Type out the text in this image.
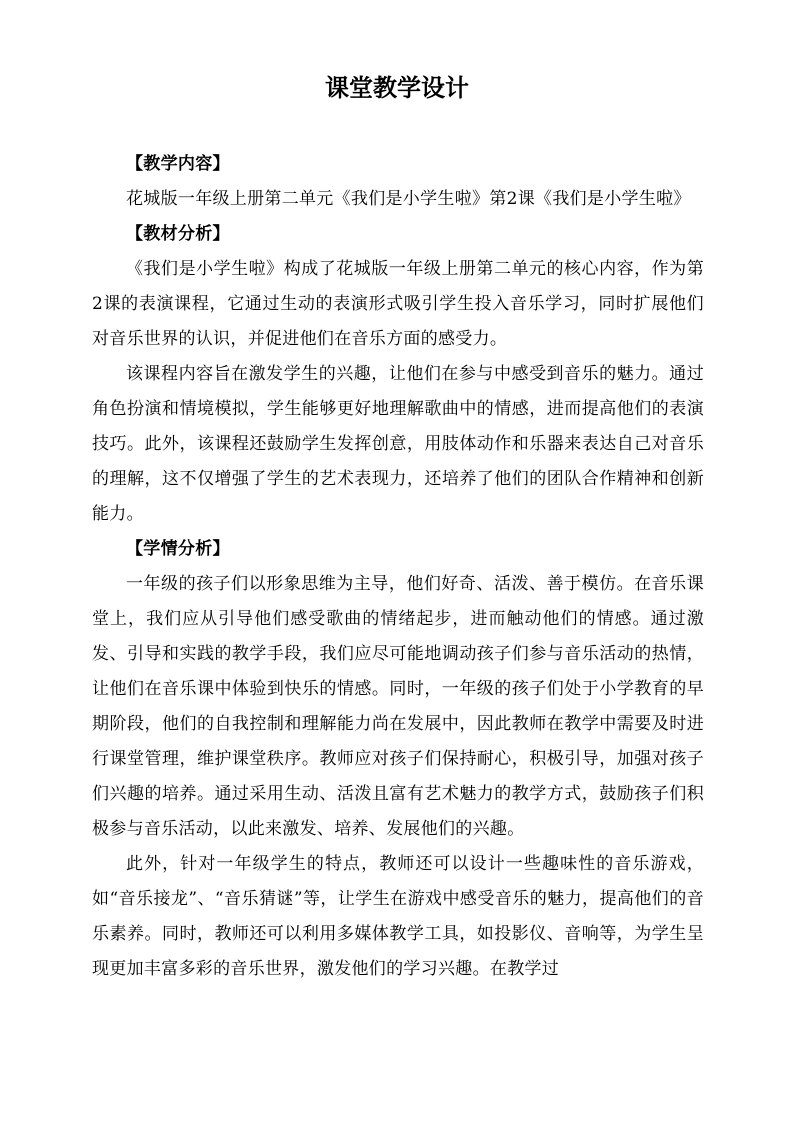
课堂教学设计
【教学内容】

花城版一年级上册第二单元《我们是小学生啦》第2课《我们是小学生啦》

【教材分析】

《我们是小学生啦》构成了花城版一年级上册第二单元的核心内容，作为第2课的表演课程，它通过生动的表演形式吸引学生投入音乐学习，同时扩展他们对音乐世界的认识，并促进他们在音乐方面的感受力。

该课程内容旨在激发学生的兴趣，让他们在参与中感受到音乐的魅力。通过角色扮演和情境模拟，学生能够更好地理解歌曲中的情感，进而提高他们的表演技巧。此外，该课程还鼓励学生发挥创意，用肢体动作和乐器来表达自己对音乐的理解，这不仅增强了学生的艺术表现力，还培养了他们的团队合作精神和创新能力。

【学情分析】

一年级的孩子们以形象思维为主导，他们好奇、活泼、善于模仿。在音乐课堂上，我们应从引导他们感受歌曲的情绪起步，进而触动他们的情感。通过激发、引导和实践的教学手段，我们应尽可能地调动孩子们参与音乐活动的热情，让他们在音乐课中体验到快乐的情感。同时，一年级的孩子们处于小学教育的早期阶段，他们的自我控制和理解能力尚在发展中，因此教师在教学中需要及时进行课堂管理，维护课堂秩序。教师应对孩子们保持耐心，积极引导，加强对孩子们兴趣的培养。通过采用生动、活泼且富有艺术魅力的教学方式，鼓励孩子们积极参与音乐活动，以此来激发、培养、发展他们的兴趣。

此外，针对一年级学生的特点，教师还可以设计一些趣味性的音乐游戏，如“音乐接龙”、“音乐猜谜”等，让学生在游戏中感受音乐的魅力，提高他们的音乐素养。同时，教师还可以利用多媒体教学工具，如投影仪、音响等，为学生呈现更加丰富多彩的音乐世界，激发他们的学习兴趣。在教学过
